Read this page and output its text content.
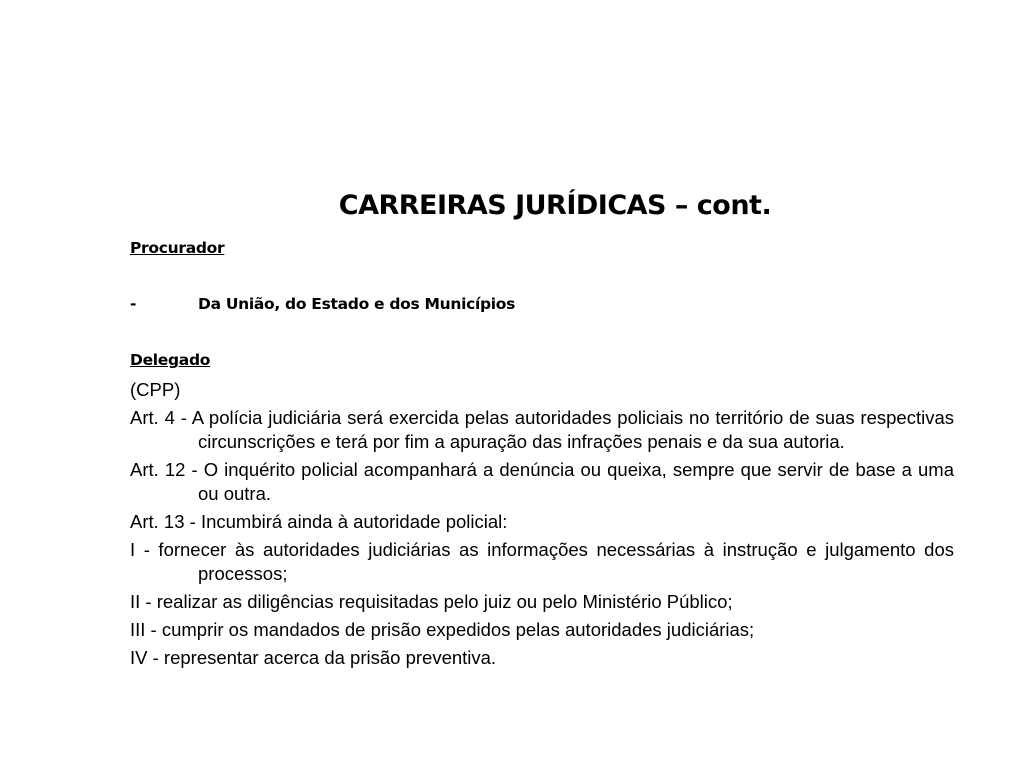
CARREIRAS JURÍDICAS – cont.
Procurador
-	Da União, do Estado e dos Municípios
Delegado

(CPP)

Art. 4 - A polícia judiciária será exercida pelas autoridades policiais no território de suas respectivas circunscrições e terá por fim a apuração das infrações penais e da sua autoria.

Art. 12 - O inquérito policial acompanhará a denúncia ou queixa, sempre que servir de base a uma ou outra.

Art. 13 - Incumbirá ainda à autoridade policial:

I - fornecer às autoridades judiciárias as informações necessárias à instrução e julgamento dos processos;

II - realizar as diligências requisitadas pelo juiz ou pelo Ministério Público;

III - cumprir os mandados de prisão expedidos pelas autoridades judiciárias;

IV - representar acerca da prisão preventiva.
